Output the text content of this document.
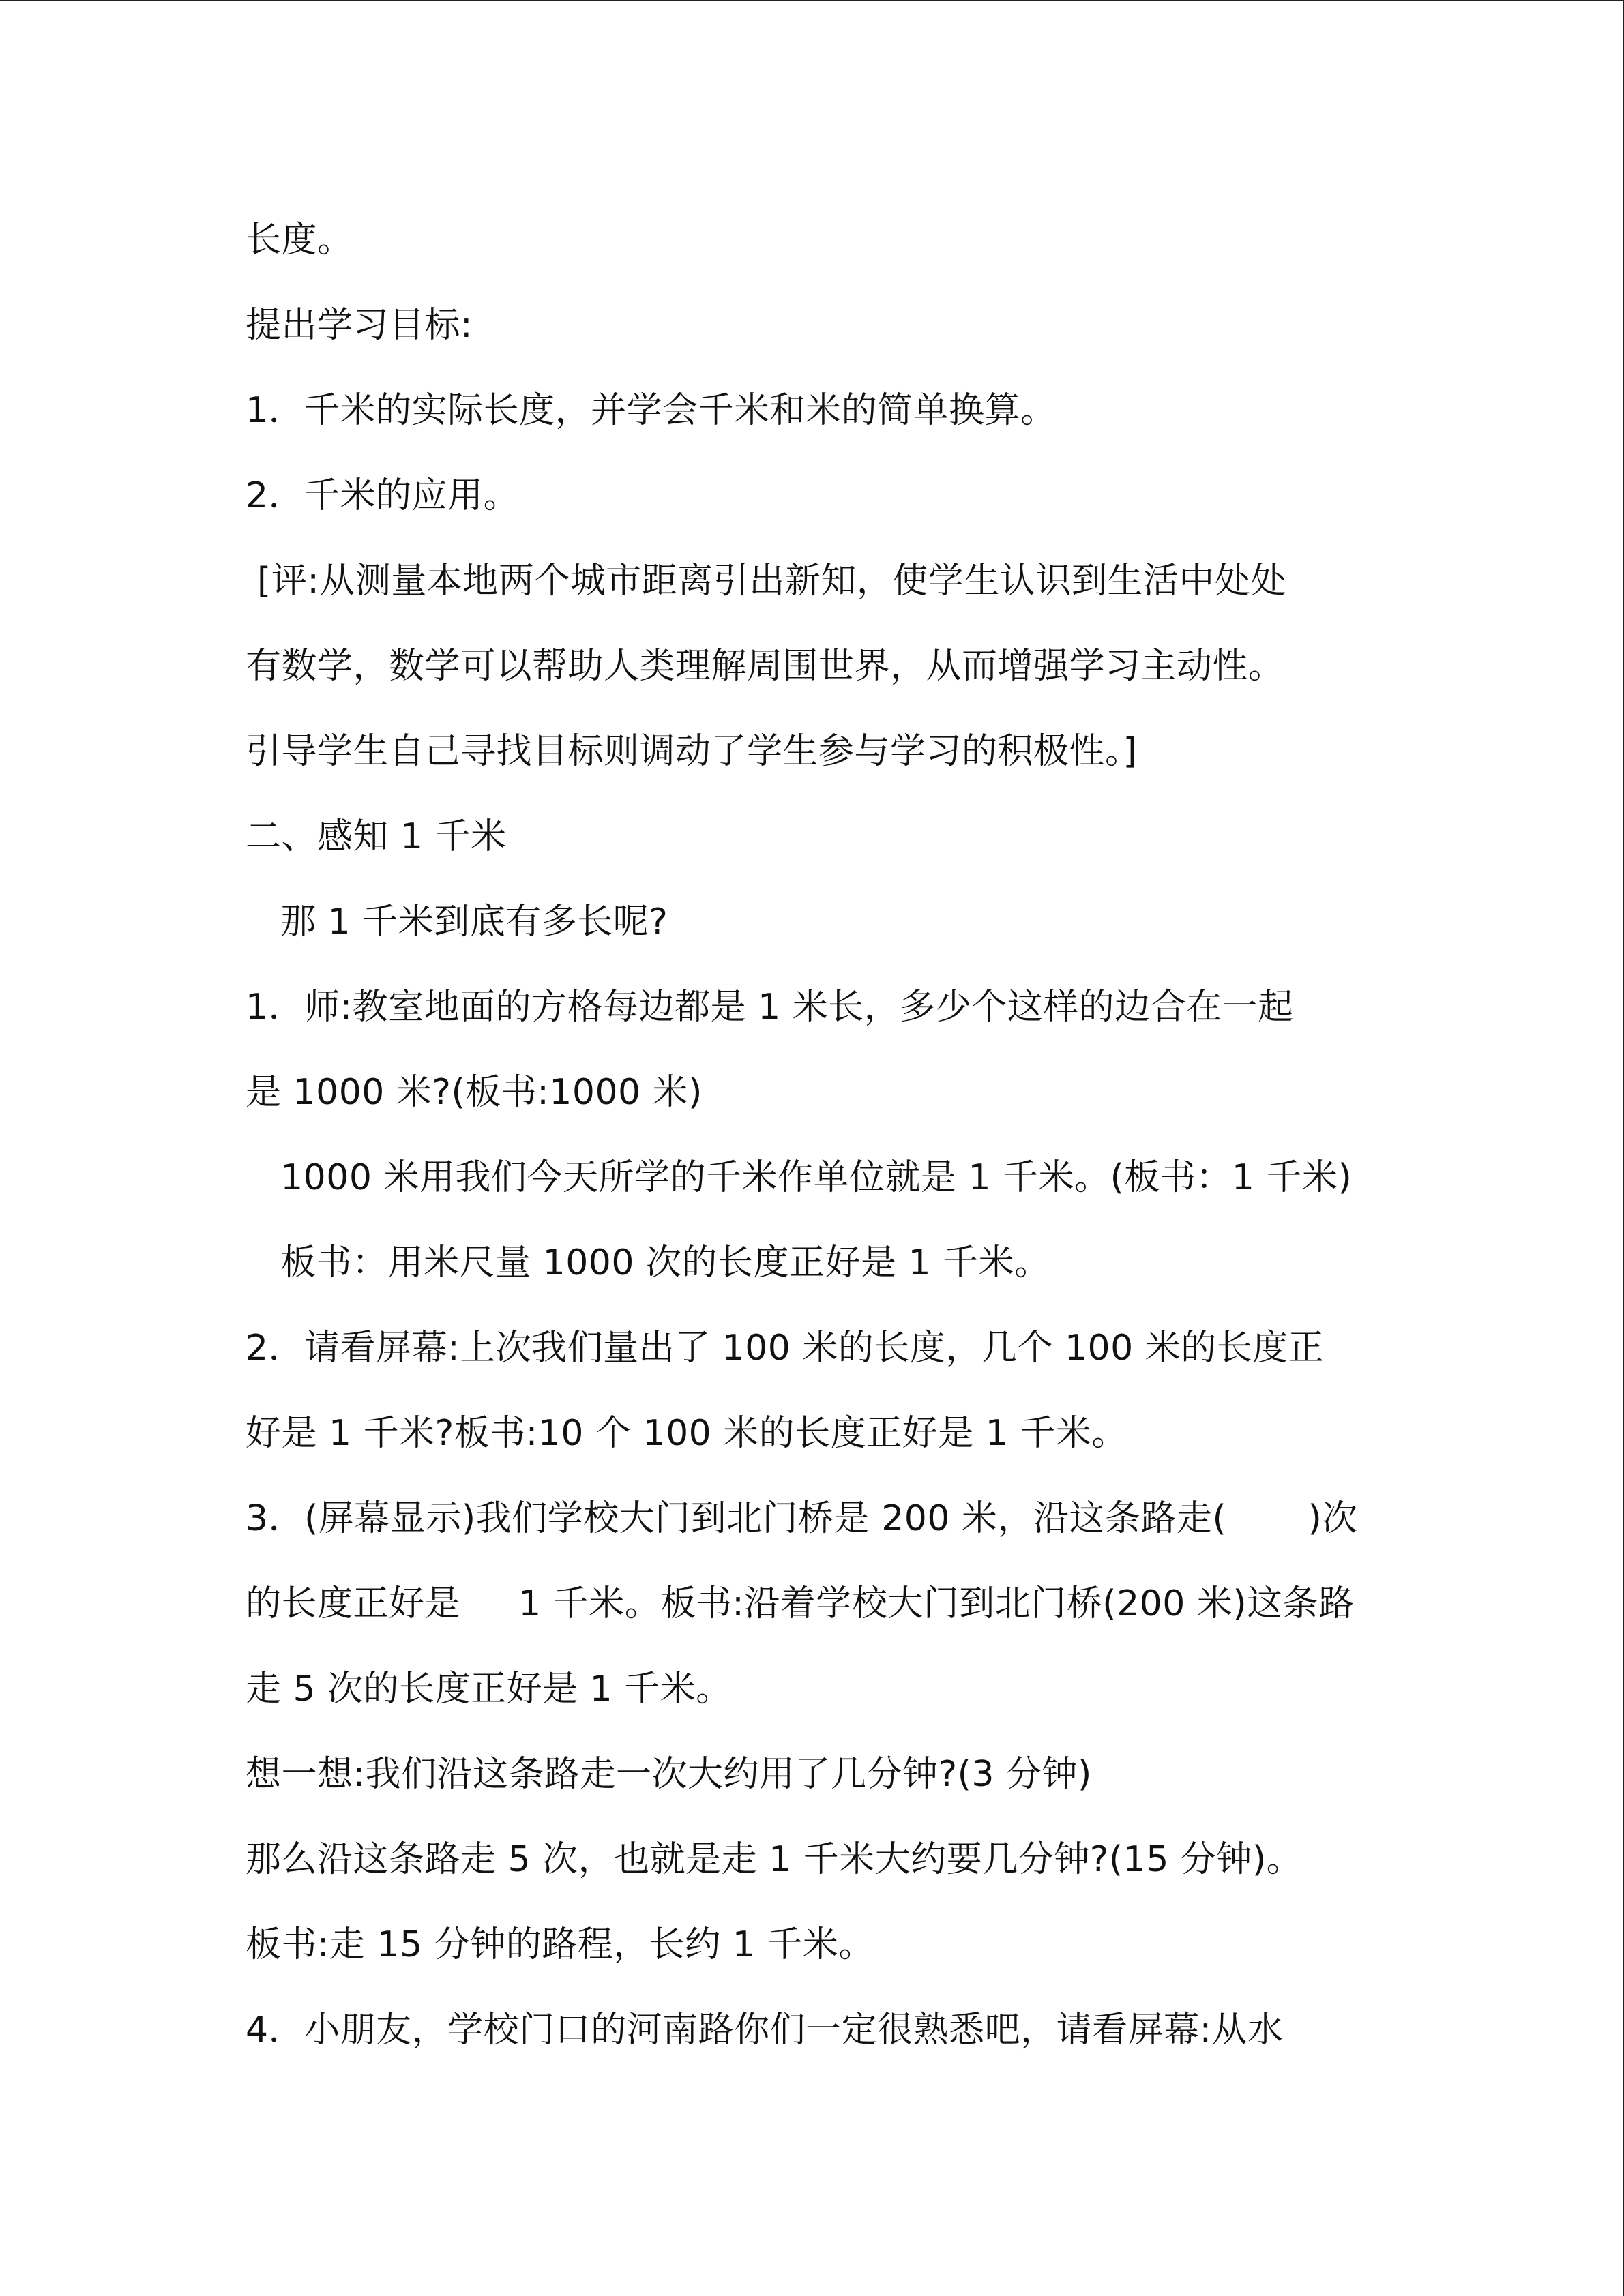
长度。
提出学习目标:
1．千米的实际长度，并学会千米和米的简单换算。
2．千米的应用。
[评:从测量本地两个城市距离引出新知，使学生认识到生活中处处
有数学，数学可以帮助人类理解周围世界，从而增强学习主动性。
引导学生自己寻找目标则调动了学生参与学习的积极性。]
二、感知 1 千米
那 1 千米到底有多长呢?
1．师:教室地面的方格每边都是 1 米长，多少个这样的边合在一起
是 1000 米?(板书:1000 米)
1000 米用我们今天所学的千米作单位就是 1 千米。(板书：1 千米)
板书：用米尺量 1000 次的长度正好是 1 千米。
2．请看屏幕:上次我们量出了 100 米的长度，几个 100 米的长度正
好是 1 千米?板书:10 个 100 米的长度正好是 1 千米。
3．(屏幕显示)我们学校大门到北门桥是 200 米，沿这条路走(       )次
的长度正好是     1 千米。板书:沿着学校大门到北门桥(200 米)这条路
走 5 次的长度正好是 1 千米。
想一想:我们沿这条路走一次大约用了几分钟?(3 分钟)
那么沿这条路走 5 次，也就是走 1 千米大约要几分钟?(15 分钟)。
板书:走 15 分钟的路程，长约 1 千米。
4．小朋友，学校门口的河南路你们一定很熟悉吧，请看屏幕:从水
